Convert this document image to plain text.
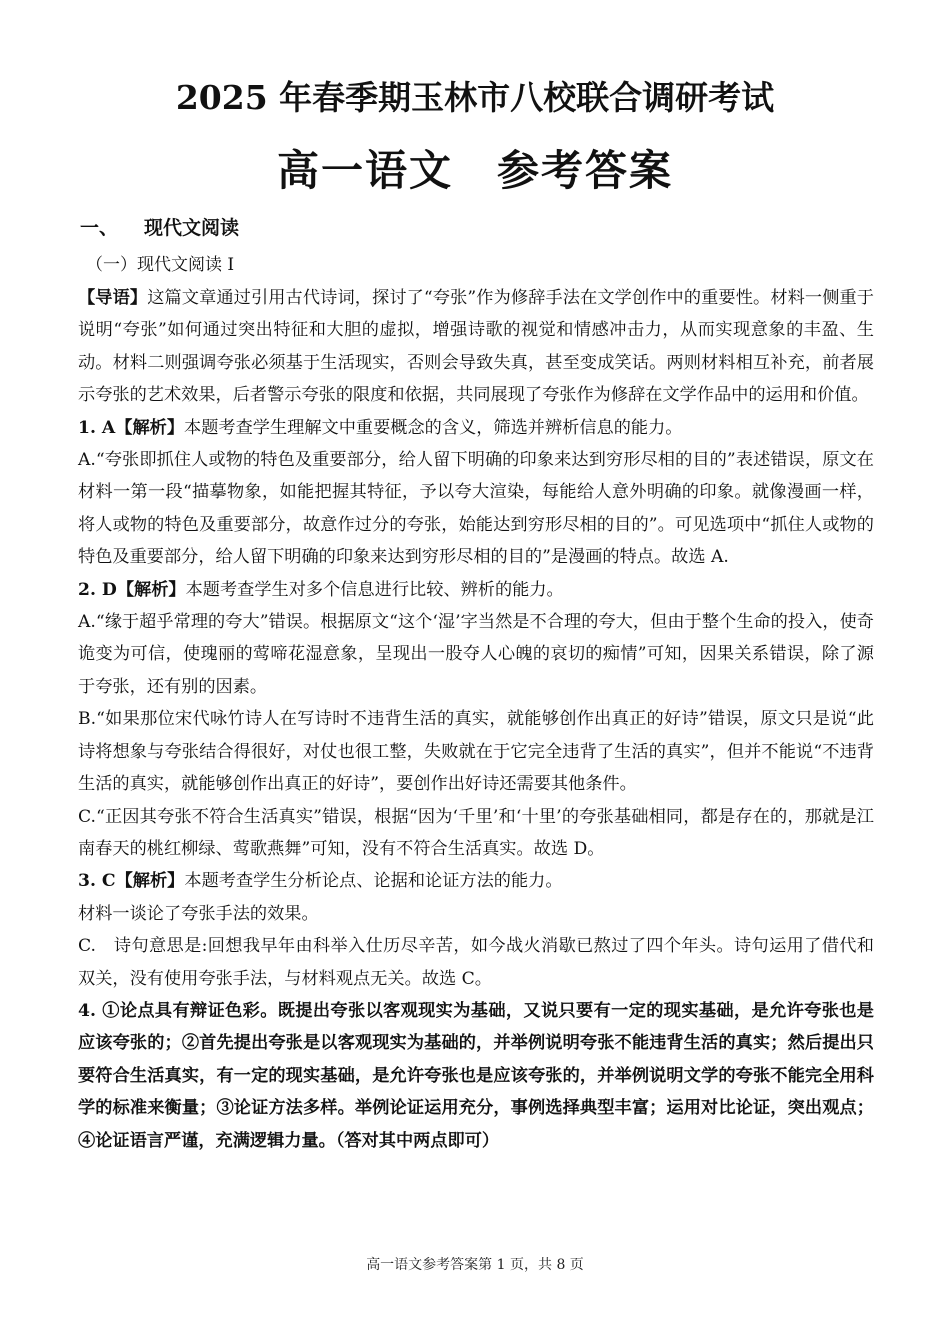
2025 年春季期玉林市八校联合调研考试
高一语文　参考答案
一、 现代文阅读
（一）现代文阅读 I

【导语】这篇文章通过引用古代诗词，探讨了“夸张”作为修辞手法在文学创作中的重要性。材料一侧重于说明“夸张”如何通过突出特征和大胆的虚拟，增强诗歌的视觉和情感冲击力，从而实现意象的丰盈、生动。材料二则强调夸张必须基于生活现实，否则会导致失真，甚至变成笑话。两则材料相互补充，前者展示夸张的艺术效果，后者警示夸张的限度和依据，共同展现了夸张作为修辞在文学作品中的运用和价值。

1. A【解析】本题考查学生理解文中重要概念的含义，筛选并辨析信息的能力。

A.“夸张即抓住人或物的特色及重要部分，给人留下明确的印象来达到穷形尽相的目的”表述错误，原文在材料一第一段“描摹物象，如能把握其特征，予以夸大渲染，每能给人意外明确的印象。就像漫画一样，将人或物的特色及重要部分，故意作过分的夸张，始能达到穷形尽相的目的”。可见选项中“抓住人或物的特色及重要部分，给人留下明确的印象来达到穷形尽相的目的”是漫画的特点。故选 A.

2. D【解析】本题考查学生对多个信息进行比较、辨析的能力。

A.“缘于超乎常理的夸大”错误。根据原文“这个‘湿’字当然是不合理的夸大，但由于整个生命的投入，使奇诡变为可信，使瑰丽的莺啼花湿意象，呈现出一股夺人心魄的哀切的痴情”可知，因果关系错误，除了源于夸张，还有别的因素。

B.“如果那位宋代咏竹诗人在写诗时不违背生活的真实，就能够创作出真正的好诗”错误，原文只是说“此诗将想象与夸张结合得很好，对仗也很工整，失败就在于它完全违背了生活的真实”，但并不能说“不违背生活的真实，就能够创作出真正的好诗”，要创作出好诗还需要其他条件。

C.“正因其夸张不符合生活真实”错误，根据“因为‘千里’和‘十里’的夸张基础相同，都是存在的，那就是江南春天的桃红柳绿、莺歌燕舞”可知，没有不符合生活真实。故选 D。

3. C【解析】本题考查学生分析论点、论据和论证方法的能力。

材料一谈论了夸张手法的效果。

C.　诗句意思是:回想我早年由科举入仕历尽辛苦，如今战火消歇已熬过了四个年头。诗句运用了借代和双关，没有使用夸张手法，与材料观点无关。故选 C。

4. ①论点具有辩证色彩。既提出夸张以客观现实为基础，又说只要有一定的现实基础，是允许夸张也是应该夸张的；②首先提出夸张是以客观现实为基础的，并举例说明夸张不能违背生活的真实；然后提出只要符合生活真实，有一定的现实基础，是允许夸张也是应该夸张的，并举例说明文学的夸张不能完全用科学的标准来衡量；③论证方法多样。举例论证运用充分，事例选择典型丰富；运用对比论证，突出观点；④论证语言严谨，充满逻辑力量。（答对其中两点即可）

高一语文参考答案第 1 页，共 8 页
